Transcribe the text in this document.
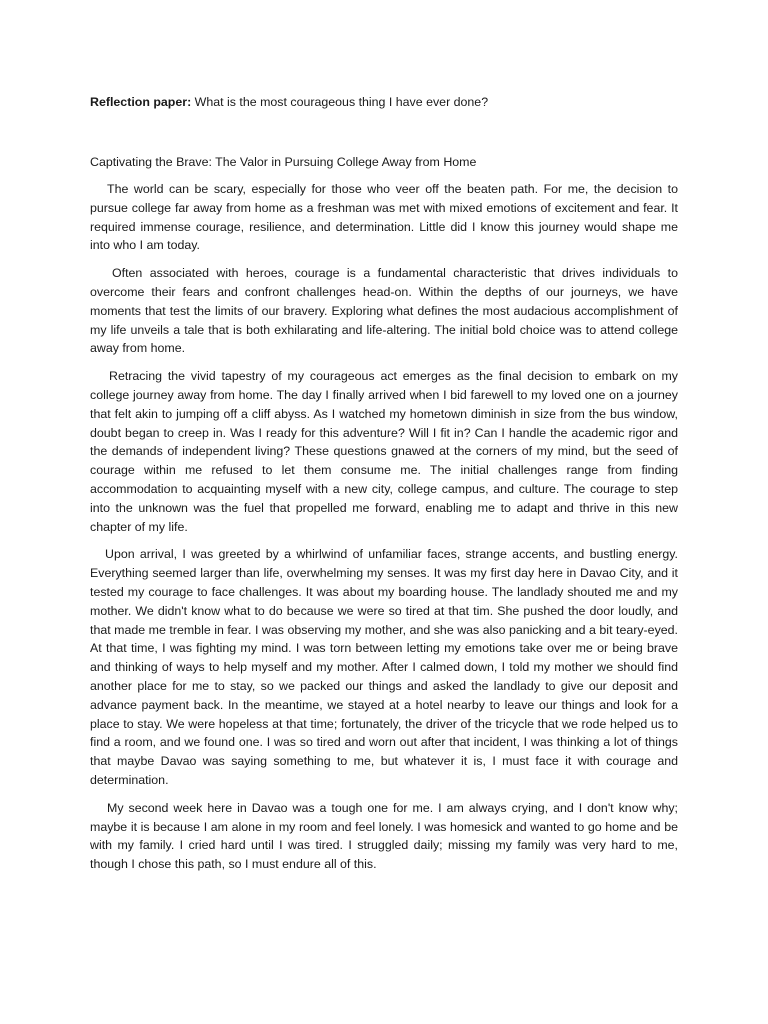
Reflection paper: What is the most courageous thing I have ever done?

Captivating the Brave: The Valor in Pursuing College Away from Home

The world can be scary, especially for those who veer off the beaten path. For me, the decision to pursue college far away from home as a freshman was met with mixed emotions of excitement and fear. It required immense courage, resilience, and determination. Little did I know this journey would shape me into who I am today.

Often associated with heroes, courage is a fundamental characteristic that drives individuals to overcome their fears and confront challenges head-on. Within the depths of our journeys, we have moments that test the limits of our bravery. Exploring what defines the most audacious accomplishment of my life unveils a tale that is both exhilarating and life-altering. The initial bold choice was to attend college away from home.

Retracing the vivid tapestry of my courageous act emerges as the final decision to embark on my college journey away from home. The day I finally arrived when I bid farewell to my loved one on a journey that felt akin to jumping off a cliff abyss. As I watched my hometown diminish in size from the bus window, doubt began to creep in. Was I ready for this adventure? Will I fit in? Can I handle the academic rigor and the demands of independent living? These questions gnawed at the corners of my mind, but the seed of courage within me refused to let them consume me. The initial challenges range from finding accommodation to acquainting myself with a new city, college campus, and culture. The courage to step into the unknown was the fuel that propelled me forward, enabling me to adapt and thrive in this new chapter of my life.

Upon arrival, I was greeted by a whirlwind of unfamiliar faces, strange accents, and bustling energy. Everything seemed larger than life, overwhelming my senses. It was my first day here in Davao City, and it tested my courage to face challenges. It was about my boarding house. The landlady shouted me and my mother. We didn't know what to do because we were so tired at that tim. She pushed the door loudly, and that made me tremble in fear. I was observing my mother, and she was also panicking and a bit teary-eyed. At that time, I was fighting my mind. I was torn between letting my emotions take over me or being brave and thinking of ways to help myself and my mother. After I calmed down, I told my mother we should find another place for me to stay, so we packed our things and asked the landlady to give our deposit and advance payment back. In the meantime, we stayed at a hotel nearby to leave our things and look for a place to stay. We were hopeless at that time; fortunately, the driver of the tricycle that we rode helped us to find a room, and we found one. I was so tired and worn out after that incident, I was thinking a lot of things that maybe Davao was saying something to me, but whatever it is, I must face it with courage and determination.

My second week here in Davao was a tough one for me. I am always crying, and I don't know why; maybe it is because I am alone in my room and feel lonely. I was homesick and wanted to go home and be with my family. I cried hard until I was tired. I struggled daily; missing my family was very hard to me, though I chose this path, so I must endure all of this.
